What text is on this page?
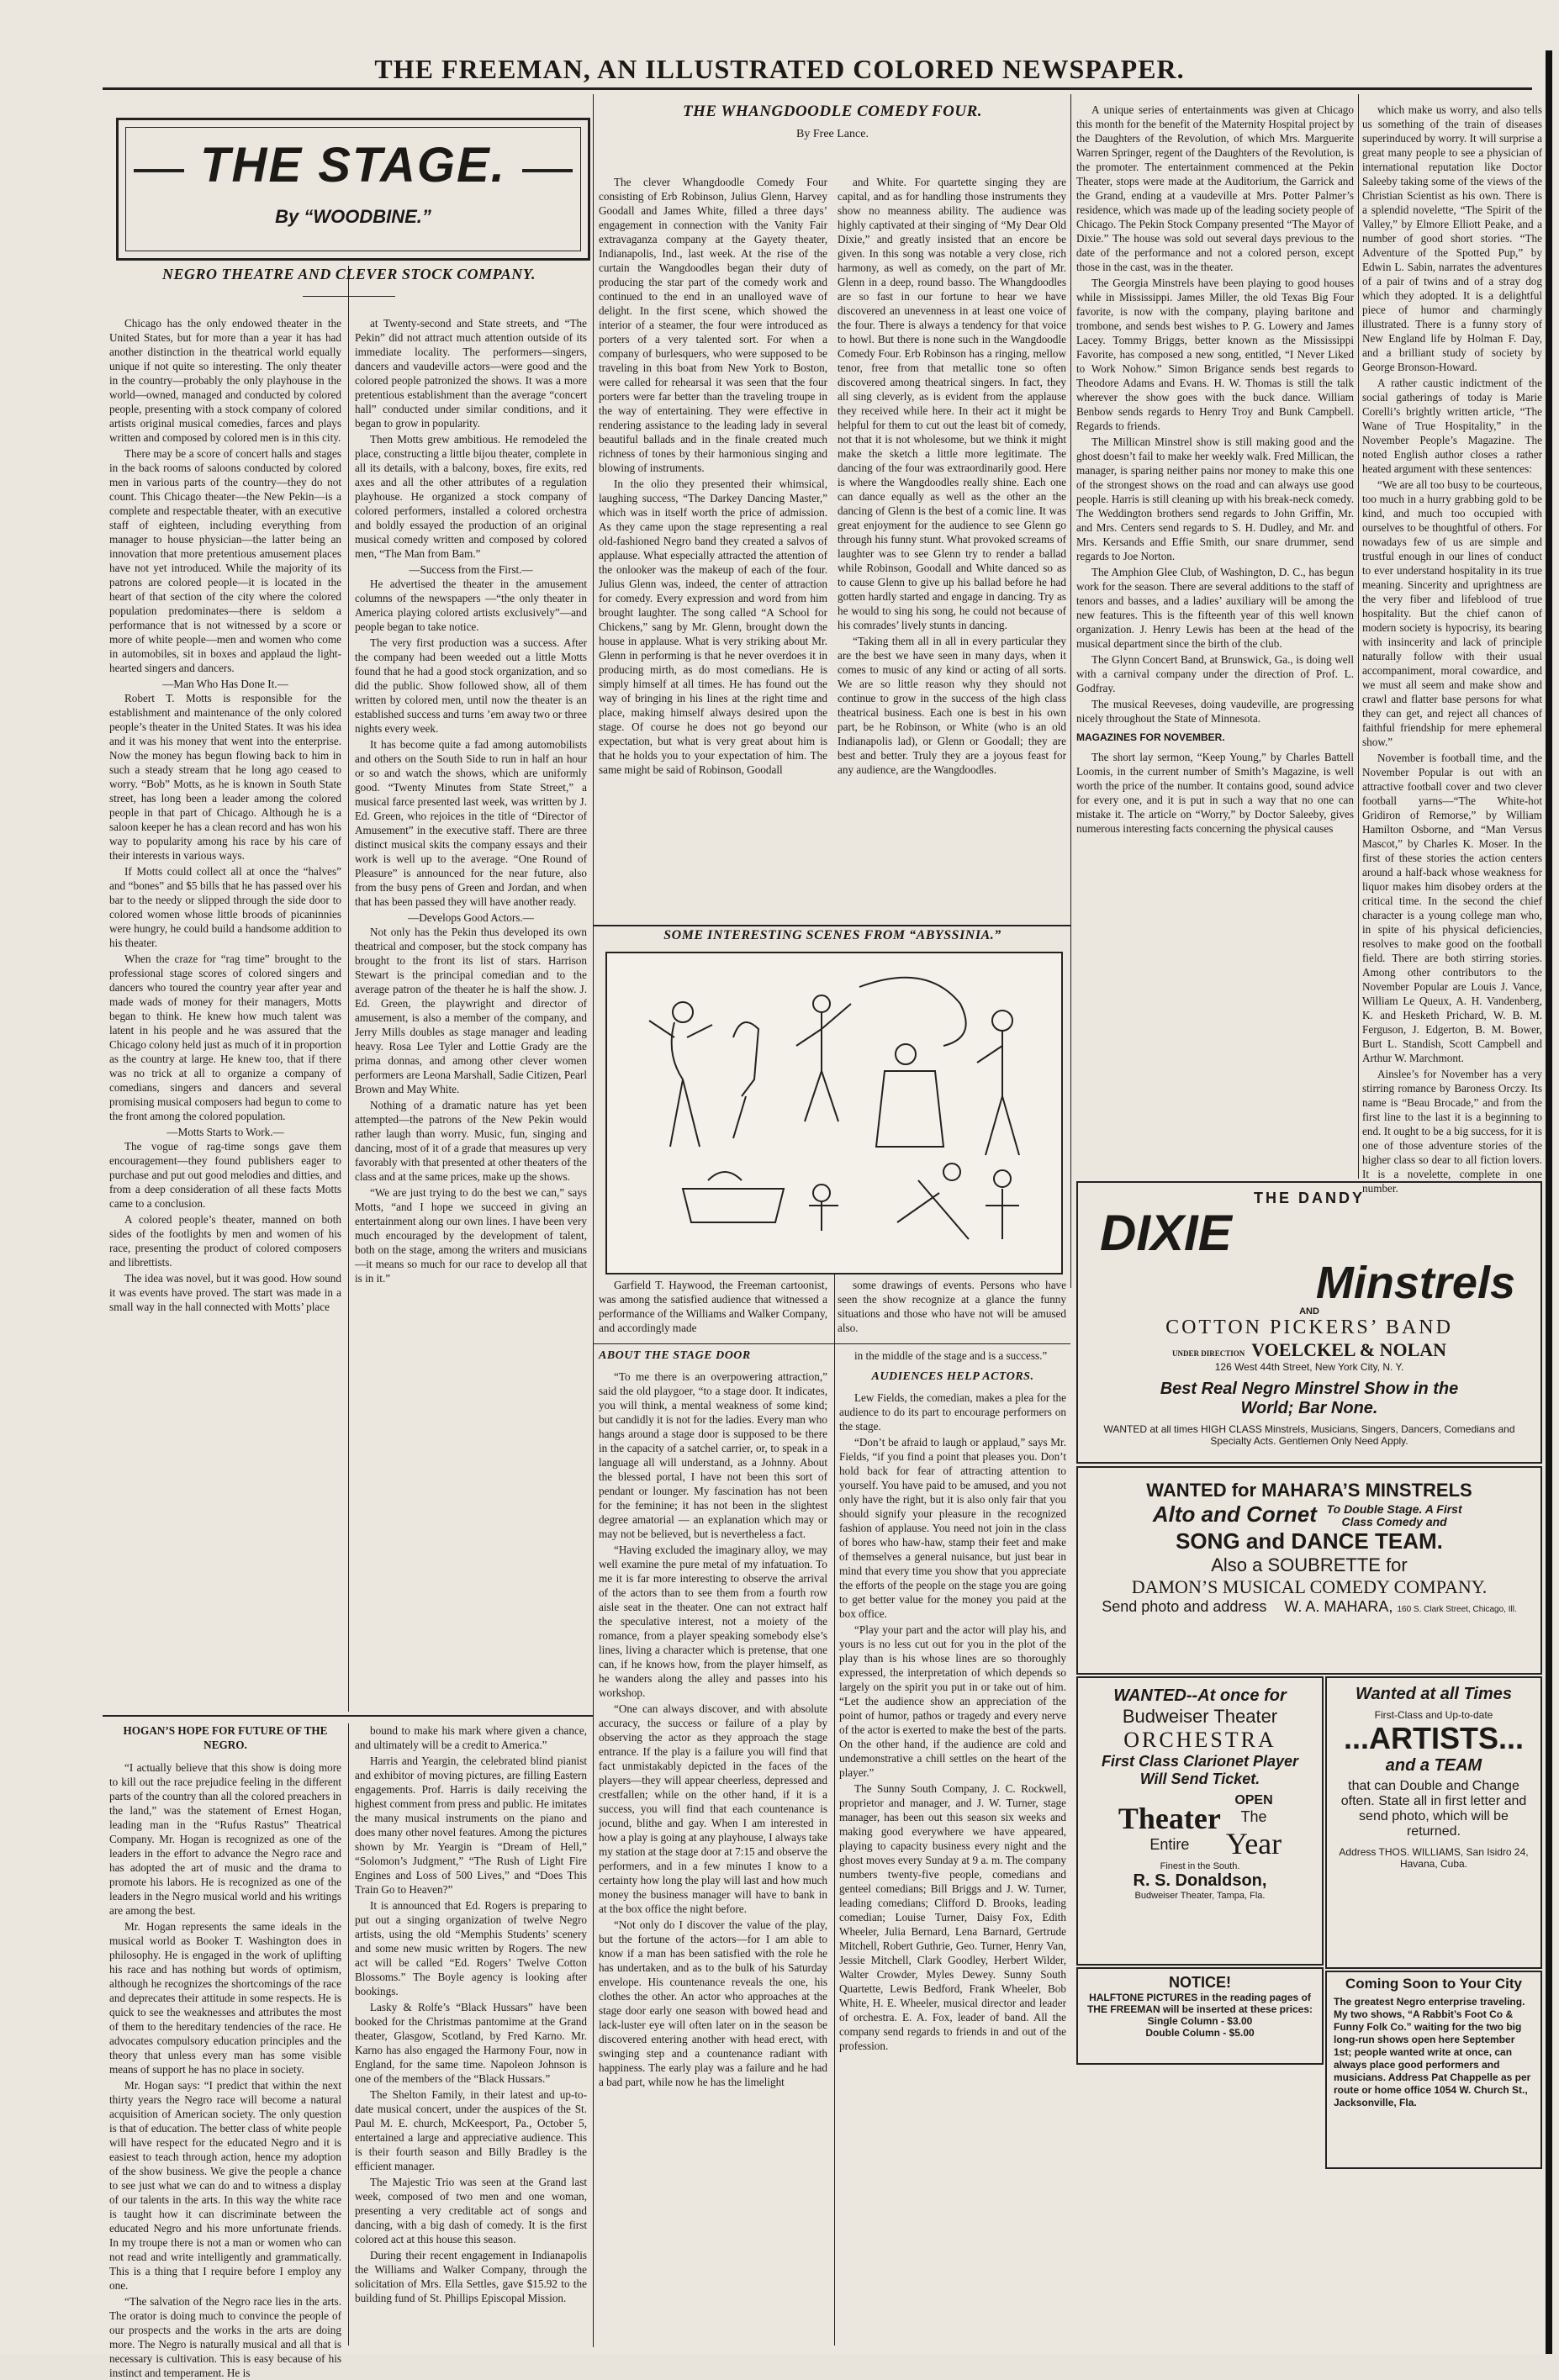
THE FREEMAN, AN ILLUSTRATED COLORED NEWSPAPER.
THE STAGE.
By “WOODBINE.”
NEGRO THEATRE AND CLEVER STOCK COMPANY.

Chicago has the only endowed theater in the United States, but for more than a year it has had another distinction in the theatrical world equally unique if not quite so interesting. The only theater in the country—probably the only playhouse in the world—owned, managed and conducted by colored people, presenting with a stock company of colored artists original musical comedies, farces and plays written and composed by colored men is in this city.

There may be a score of concert halls and stages in the back rooms of saloons conducted by colored men in various parts of the country—they do not count. This Chicago theater—the New Pekin—is a complete and respectable theater, with an executive staff of eighteen, including everything from manager to house physician—the latter being an innovation that more pretentious amusement places have not yet introduced. While the majority of its patrons are colored people—it is located in the heart of that section of the city where the colored population predominates—there is seldom a performance that is not witnessed by a score or more of white people—men and women who come in automobiles, sit in boxes and applaud the light-hearted singers and dancers.

—Man Who Has Done It.—

Robert T. Motts is responsible for the establishment and maintenance of the only colored people’s theater in the United States. It was his idea and it was his money that went into the enterprise. Now the money has begun flowing back to him in such a steady stream that he long ago ceased to worry. “Bob” Motts, as he is known in South State street, has long been a leader among the colored people in that part of Chicago. Although he is a saloon keeper he has a clean record and has won his way to popularity among his race by his care of their interests in various ways.

If Motts could collect all at once the “halves” and “bones” and $5 bills that he has passed over his bar to the needy or slipped through the side door to colored women whose little broods of picaninnies were hungry, he could build a handsome addition to his theater.

When the craze for “rag time” brought to the professional stage scores of colored singers and dancers who toured the country year after year and made wads of money for their managers, Motts began to think. He knew how much talent was latent in his people and he was assured that the Chicago colony held just as much of it in proportion as the country at large. He knew too, that if there was no trick at all to organize a company of comedians, singers and dancers and several promising musical composers had begun to come to the front among the colored population.

—Motts Starts to Work.—

The vogue of rag-time songs gave them encouragement—they found publishers eager to purchase and put out good melodies and ditties, and from a deep consideration of all these facts Motts came to a conclusion.

A colored people’s theater, manned on both sides of the footlights by men and women of his race, presenting the product of colored composers and librettists.

The idea was novel, but it was good. How sound it was events have proved. The start was made in a small way in the hall connected with Motts’ place

at Twenty-second and State streets, and “The Pekin” did not attract much attention outside of its immediate locality. The performers—singers, dancers and vaudeville actors—were good and the colored people patronized the shows. It was a more pretentious establishment than the average “concert hall” conducted under similar conditions, and it began to grow in popularity.

Then Motts grew ambitious. He remodeled the place, constructing a little bijou theater, complete in all its details, with a balcony, boxes, fire exits, red axes and all the other attributes of a regulation playhouse. He organized a stock company of colored performers, installed a colored orchestra and boldly essayed the production of an original musical comedy written and composed by colored men, “The Man from Bam.”

—Success from the First.—

He advertised the theater in the amusement columns of the newspapers —“the only theater in America playing colored artists exclusively”—and people began to take notice.

The very first production was a success. After the company had been weeded out a little Motts found that he had a good stock organization, and so did the public. Show followed show, all of them written by colored men, until now the theater is an established success and turns ’em away two or three nights every week.

It has become quite a fad among automobilists and others on the South Side to run in half an hour or so and watch the shows, which are uniformly good. “Twenty Minutes from State Street,” a musical farce presented last week, was written by J. Ed. Green, who rejoices in the title of “Director of Amusement” in the executive staff. There are three distinct musical skits the company essays and their work is well up to the average. “One Round of Pleasure” is announced for the near future, also from the busy pens of Green and Jordan, and when that has been passed they will have another ready.

—Develops Good Actors.—

Not only has the Pekin thus developed its own theatrical and composer, but the stock company has brought to the front its list of stars. Harrison Stewart is the principal comedian and to the average patron of the theater he is half the show. J. Ed. Green, the playwright and director of amusement, is also a member of the company, and Jerry Mills doubles as stage manager and leading heavy. Rosa Lee Tyler and Lottie Grady are the prima donnas, and among other clever women performers are Leona Marshall, Sadie Citizen, Pearl Brown and May White.

Nothing of a dramatic nature has yet been attempted—the patrons of the New Pekin would rather laugh than worry. Music, fun, singing and dancing, most of it of a grade that measures up very favorably with that presented at other theaters of the class and at the same prices, make up the shows.

“We are just trying to do the best we can,” says Motts, “and I hope we succeed in giving an entertainment along our own lines. I have been very much encouraged by the development of talent, both on the stage, among the writers and musicians—it means so much for our race to develop all that is in it.”

HOGAN’S HOPE FOR FUTURE OF THE NEGRO.

“I actually believe that this show is doing more to kill out the race prejudice feeling in the different parts of the country than all the colored preachers in the land,” was the statement of Ernest Hogan, leading man in the “Rufus Rastus” Theatrical Company. Mr. Hogan is recognized as one of the leaders in the effort to advance the Negro race and has adopted the art of music and the drama to promote his labors. He is recognized as one of the leaders in the Negro musical world and his writings are among the best.

Mr. Hogan represents the same ideals in the musical world as Booker T. Washington does in philosophy. He is engaged in the work of uplifting his race and has nothing but words of optimism, although he recognizes the shortcomings of the race and deprecates their attitude in some respects. He is quick to see the weaknesses and attributes the most of them to the hereditary tendencies of the race. He advocates compulsory education principles and the theory that unless every man has some visible means of support he has no place in society.

Mr. Hogan says: “I predict that within the next thirty years the Negro race will become a natural acquisition of American society. The only question is that of education. The better class of white people will have respect for the educated Negro and it is easiest to teach through action, hence my adoption of the show business. We give the people a chance to see just what we can do and to witness a display of our talents in the arts. In this way the white race is taught how it can discriminate between the educated Negro and his more unfortunate friends. In my troupe there is not a man or women who can not read and write intelligently and grammatically. This is a thing that I require before I employ any one.

“The salvation of the Negro race lies in the arts. The orator is doing much to convince the people of our prospects and the works in the arts are doing more. The Negro is naturally musical and all that is necessary is cultivation. This is easy because of his instinct and temperament. He is

bound to make his mark where given a chance, and ultimately will be a credit to America.”

Harris and Yeargin, the celebrated blind pianist and exhibitor of moving pictures, are filling Eastern engagements. Prof. Harris is daily receiving the highest comment from press and public. He imitates the many musical instruments on the piano and does many other novel features. Among the pictures shown by Mr. Yeargin is “Dream of Hell,” “Solomon’s Judgment,” “The Rush of Light Fire Engines and Loss of 500 Lives,” and “Does This Train Go to Heaven?”

It is announced that Ed. Rogers is preparing to put out a singing organization of twelve Negro artists, using the old “Memphis Students’ scenery and some new music written by Rogers. The new act will be called “Ed. Rogers’ Twelve Cotton Blossoms.” The Boyle agency is looking after bookings.

Lasky & Rolfe’s “Black Hussars” have been booked for the Christmas pantomime at the Grand theater, Glasgow, Scotland, by Fred Karno. Mr. Karno has also engaged the Harmony Four, now in England, for the same time. Napoleon Johnson is one of the members of the “Black Hussars.”

The Shelton Family, in their latest and up-to-date musical concert, under the auspices of the St. Paul M. E. church, McKeesport, Pa., October 5, entertained a large and appreciative audience. This is their fourth season and Billy Bradley is the efficient manager.

The Majestic Trio was seen at the Grand last week, composed of two men and one woman, presenting a very creditable act of songs and dancing, with a big dash of comedy. It is the first colored act at this house this season.

During their recent engagement in Indianapolis the Williams and Walker Company, through the solicitation of Mrs. Ella Settles, gave $15.92 to the building fund of St. Phillips Episcopal Mission.

THE WHANGDOODLE COMEDY FOUR.
By Free Lance.

The clever Whangdoodle Comedy Four consisting of Erb Robinson, Julius Glenn, Harvey Goodall and James White, filled a three days’ engagement in connection with the Vanity Fair extravaganza company at the Gayety theater, Indianapolis, Ind., last week. At the rise of the curtain the Wangdoodles began their duty of producing the star part of the comedy work and continued to the end in an unalloyed wave of delight. In the first scene, which showed the interior of a steamer, the four were introduced as porters of a very talented sort. For when a company of burlesquers, who were supposed to be traveling in this boat from New York to Boston, were called for rehearsal it was seen that the four porters were far better than the traveling troupe in the way of entertaining. They were effective in rendering assistance to the leading lady in several beautiful ballads and in the finale created much richness of tones by their harmonious singing and blowing of instruments.

In the olio they presented their whimsical, laughing success, “The Darkey Dancing Master,” which was in itself worth the price of admission. As they came upon the stage representing a real old-fashioned Negro band they created a salvos of applause. What especially attracted the attention of the onlooker was the makeup of each of the four. Julius Glenn was, indeed, the center of attraction for comedy. Every expression and word from him brought laughter. The song called “A School for Chickens,” sang by Mr. Glenn, brought down the house in applause. What is very striking about Mr. Glenn in performing is that he never overdoes it in producing mirth, as do most comedians. He is simply himself at all times. He has found out the way of bringing in his lines at the right time and place, making himself always desired upon the stage. Of course he does not go beyond our expectation, but what is very great about him is that he holds you to your expectation of him. The same might be said of Robinson, Goodall

and White. For quartette singing they are capital, and as for handling those instruments they show no meanness ability. The audience was highly captivated at their singing of “My Dear Old Dixie,” and greatly insisted that an encore be given. In this song was notable a very close, rich harmony, as well as comedy, on the part of Mr. Glenn in a deep, round basso. The Whangdoodles are so fast in our fortune to hear we have discovered an unevenness in at least one voice of the four. There is always a tendency for that voice to howl. But there is none such in the Wangdoodle Comedy Four. Erb Robinson has a ringing, mellow tenor, free from that metallic tone so often discovered among theatrical singers. In fact, they all sing cleverly, as is evident from the applause they received while here. In their act it might be helpful for them to cut out the least bit of comedy, not that it is not wholesome, but we think it might make the sketch a little more legitimate. The dancing of the four was extraordinarily good. Here is where the Wangdoodles really shine. Each one can dance equally as well as the other an the dancing of Glenn is the best of a comic line. It was great enjoyment for the audience to see Glenn go through his funny stunt. What provoked screams of laughter was to see Glenn try to render a ballad while Robinson, Goodall and White danced so as to cause Glenn to give up his ballad before he had gotten hardly started and engage in dancing. Try as he would to sing his song, he could not because of his comrades’ lively stunts in dancing.

“Taking them all in all in every particular they are the best we have seen in many days, when it comes to music of any kind or acting of all sorts. We are so little reason why they should not continue to grow in the success of the high class theatrical business. Each one is best in his own part, be he Robinson, or White (who is an old Indianapolis lad), or Glenn or Goodall; they are best and better. Truly they are a joyous feast for any audience, are the Wangdoodles.

SOME INTERESTING SCENES FROM “ABYSSINIA.”

Garfield T. Haywood, the Freeman cartoonist, was among the satisfied audience that witnessed a performance of the Williams and Walker Company, and accordingly made

some drawings of events. Persons who have seen the show recognize at a glance the funny situations and those who have not will be amused also.

ABOUT THE STAGE DOOR

“To me there is an overpowering attraction,” said the old playgoer, “to a stage door. It indicates, you will think, a mental weakness of some kind; but candidly it is not for the ladies. Every man who hangs around a stage door is supposed to be there in the capacity of a satchel carrier, or, to speak in a language all will understand, as a Johnny. About the blessed portal, I have not been this sort of pendant or lounger. My fascination has not been for the feminine; it has not been in the slightest degree amatorial — an explanation which may or may not be believed, but is nevertheless a fact.

“Having excluded the imaginary alloy, we may well examine the pure metal of my infatuation. To me it is far more interesting to observe the arrival of the actors than to see them from a fourth row aisle seat in the theater. One can not extract half the speculative interest, not a moiety of the romance, from a player speaking somebody else’s lines, living a character which is pretense, that one can, if he knows how, from the player himself, as he wanders along the alley and passes into his workshop.

“One can always discover, and with absolute accuracy, the success or failure of a play by observing the actor as they approach the stage entrance. If the play is a failure you will find that fact unmistakably depicted in the faces of the players—they will appear cheerless, depressed and crestfallen; while on the other hand, if it is a success, you will find that each countenance is jocund, blithe and gay. When I am interested in how a play is going at any playhouse, I always take my station at the stage door at 7:15 and observe the performers, and in a few minutes I know to a certainty how long the play will last and how much money the business manager will have to bank in at the box office the night before.

“Not only do I discover the value of the play, but the fortune of the actors—for I am able to know if a man has been satisfied with the role he has undertaken, and as to the bulk of his Saturday envelope. His countenance reveals the one, his clothes the other. An actor who approaches at the stage door early one season with bowed head and lack-luster eye will often later on in the season be discovered entering another with head erect, with swinging step and a countenance radiant with happiness. The early play was a failure and he had a bad part, while now he has the limelight

in the middle of the stage and is a success.”

AUDIENCES HELP ACTORS.

Lew Fields, the comedian, makes a plea for the audience to do its part to encourage performers on the stage.

“Don’t be afraid to laugh or applaud,” says Mr. Fields, “if you find a point that pleases you. Don’t hold back for fear of attracting attention to yourself. You have paid to be amused, and you not only have the right, but it is also only fair that you should signify your pleasure in the recognized fashion of applause. You need not join in the class of bores who haw-haw, stamp their feet and make of themselves a general nuisance, but just bear in mind that every time you show that you appreciate the efforts of the people on the stage you are going to get better value for the money you paid at the box office.

“Play your part and the actor will play his, and yours is no less cut out for you in the plot of the play than is his whose lines are so thoroughly expressed, the interpretation of which depends so largely on the spirit you put in or take out of him. “Let the audience show an appreciation of the point of humor, pathos or tragedy and every nerve of the actor is exerted to make the best of the parts. On the other hand, if the audience are cold and undemonstrative a chill settles on the heart of the player.”

The Sunny South Company, J. C. Rockwell, proprietor and manager, and J. W. Turner, stage manager, has been out this season six weeks and making good everywhere we have appeared, playing to capacity business every night and the ghost moves every Sunday at 9 a. m. The company numbers twenty-five people, comedians and genteel comedians; Bill Briggs and J. W. Turner, leading comedians; Clifford D. Brooks, leading comedian; Louise Turner, Daisy Fox, Edith Wheeler, Julia Bernard, Lena Barnard, Gertrude Mitchell, Robert Guthrie, Geo. Turner, Henry Van, Jessie Mitchell, Clark Goodley, Herbert Wilder, Walter Crowder, Myles Dewey. Sunny South Quartette, Lewis Bedford, Frank Wheeler, Bob White, H. E. Wheeler, musical director and leader of orchestra. E. A. Fox, leader of band. All the company send regards to friends in and out of the profession.

A unique series of entertainments was given at Chicago this month for the benefit of the Maternity Hospital project by the Daughters of the Revolution, of which Mrs. Marguerite Warren Springer, regent of the Daughters of the Revolution, is the promoter. The entertainment commenced at the Pekin Theater, stops were made at the Auditorium, the Garrick and the Grand, ending at a vaudeville at Mrs. Potter Palmer’s residence, which was made up of the leading society people of Chicago. The Pekin Stock Company presented “The Mayor of Dixie.” The house was sold out several days previous to the date of the performance and not a colored person, except those in the cast, was in the theater.

The Georgia Minstrels have been playing to good houses while in Mississippi. James Miller, the old Texas Big Four favorite, is now with the company, playing baritone and trombone, and sends best wishes to P. G. Lowery and James Lacey. Tommy Briggs, better known as the Mississippi Favorite, has composed a new song, entitled, “I Never Liked to Work Nohow.” Simon Brigance sends best regards to Theodore Adams and Evans. H. W. Thomas is still the talk wherever the show goes with the buck dance. William Benbow sends regards to Henry Troy and Bunk Campbell. Regards to friends.

The Millican Minstrel show is still making good and the ghost doesn’t fail to make her weekly walk. Fred Millican, the manager, is sparing neither pains nor money to make this one of the strongest shows on the road and can always use good people. Harris is still cleaning up with his break-neck comedy. The Weddington brothers send regards to John Griffin, Mr. and Mrs. Centers send regards to S. H. Dudley, and Mr. and Mrs. Kersands and Effie Smith, our snare drummer, send regards to Joe Norton.

The Amphion Glee Club, of Washington, D. C., has begun work for the season. There are several additions to the staff of tenors and basses, and a ladies’ auxiliary will be among the new features. This is the fifteenth year of this well known organization. J. Henry Lewis has been at the head of the musical department since the birth of the club.

The Glynn Concert Band, at Brunswick, Ga., is doing well with a carnival company under the direction of Prof. L. Godfray.

The musical Reeveses, doing vaudeville, are progressing nicely throughout the State of Minnesota.

MAGAZINES FOR NOVEMBER.

The short lay sermon, “Keep Young,” by Charles Battell Loomis, in the current number of Smith’s Magazine, is well worth the price of the number. It contains good, sound advice for every one, and it is put in such a way that no one can mistake it. The article on “Worry,” by Doctor Saleeby, gives numerous interesting facts concerning the physical causes

which make us worry, and also tells us something of the train of diseases superinduced by worry. It will surprise a great many people to see a physician of international reputation like Doctor Saleeby taking some of the views of the Christian Scientist as his own. There is a splendid novelette, “The Spirit of the Valley,” by Elmore Elliott Peake, and a number of good short stories. “The Adventure of the Spotted Pup,” by Edwin L. Sabin, narrates the adventures of a pair of twins and of a stray dog which they adopted. It is a delightful piece of humor and charmingly illustrated. There is a funny story of New England life by Holman F. Day, and a brilliant study of society by George Bronson-Howard.

A rather caustic indictment of the social gatherings of today is Marie Corelli’s brightly written article, “The Wane of True Hospitality,” in the November People’s Magazine. The noted English author closes a rather heated argument with these sentences:

“We are all too busy to be courteous, too much in a hurry grabbing gold to be kind, and much too occupied with ourselves to be thoughtful of others. For nowadays few of us are simple and trustful enough in our lines of conduct to ever understand hospitality in its true meaning. Sincerity and uprightness are the very fiber and lifeblood of true hospitality. But the chief canon of modern society is hypocrisy, its bearing with insincerity and lack of principle naturally follow with their usual accompaniment, moral cowardice, and we must all seem and make show and crawl and flatter base persons for what they can get, and reject all chances of faithful friendship for mere ephemeral show.”

November is football time, and the November Popular is out with an attractive football cover and two clever football yarns—“The White-hot Gridiron of Remorse,” by William Hamilton Osborne, and “Man Versus Mascot,” by Charles K. Moser. In the first of these stories the action centers around a half-back whose weakness for liquor makes him disobey orders at the critical time. In the second the chief character is a young college man who, in spite of his physical deficiencies, resolves to make good on the football field. There are both stirring stories. Among other contributors to the November Popular are Louis J. Vance, William Le Queux, A. H. Vandenberg, K. and Hesketh Prichard, W. B. M. Ferguson, J. Edgerton, B. M. Bower, Burt L. Standish, Scott Campbell and Arthur W. Marchmont.

Ainslee’s for November has a very stirring romance by Baroness Orczy. Its name is “Beau Brocade,” and from the first line to the last it is a beginning to end. It ought to be a big success, for it is one of those adventure stories of the higher class so dear to all fiction lovers. It is a novelette, complete in one number.

THE DANDY
DIXIE
Minstrels
AND
COTTON PICKERS’ BAND
UNDER DIRECTION VOELCKEL & NOLAN
126 West 44th Street, New York City, N. Y.
Best Real Negro Minstrel Show in the
World; Bar None.
WANTED at all times HIGH CLASS Minstrels, Musicians, Singers, Dancers, Comedians and Specialty Acts. Gentlemen Only Need Apply.
WANTED for MAHARA’S MINSTRELS
Alto and Cornet To Double Stage. A First Class Comedy and
SONG and DANCE TEAM.
Also a SOUBRETTE for
DAMON’S MUSICAL COMEDY COMPANY.
Send photo and address W. A. MAHARA, 160 S. Clark Street, Chicago, Ill.
WANTED--At once for
Budweiser Theater
ORCHESTRA
First Class Clarionet Player
Will Send Ticket.
Theater
Entire
OPEN
The
Year
Finest in the South.
R. S. Donaldson,
Budweiser Theater, Tampa, Fla.
Wanted at all Times
First-Class and Up-to-date
...ARTISTS...
and a TEAM
that can Double and Change often. State all in first letter and send photo, which will be returned.
Address THOS. WILLIAMS, San Isidro 24, Havana, Cuba.
NOTICE!
HALFTONE PICTURES in the reading pages of THE FREEMAN will be inserted at these prices:
Single Column - $3.00
Double Column - $5.00
Coming Soon to Your City
The greatest Negro enterprise traveling. My two shows, “A Rabbit’s Foot Co & Funny Folk Co.” waiting for the two big long-run shows open here September 1st; people wanted write at once, can always place good performers and musicians. Address Pat Chappelle as per route or home office 1054 W. Church St., Jacksonville, Fla.
